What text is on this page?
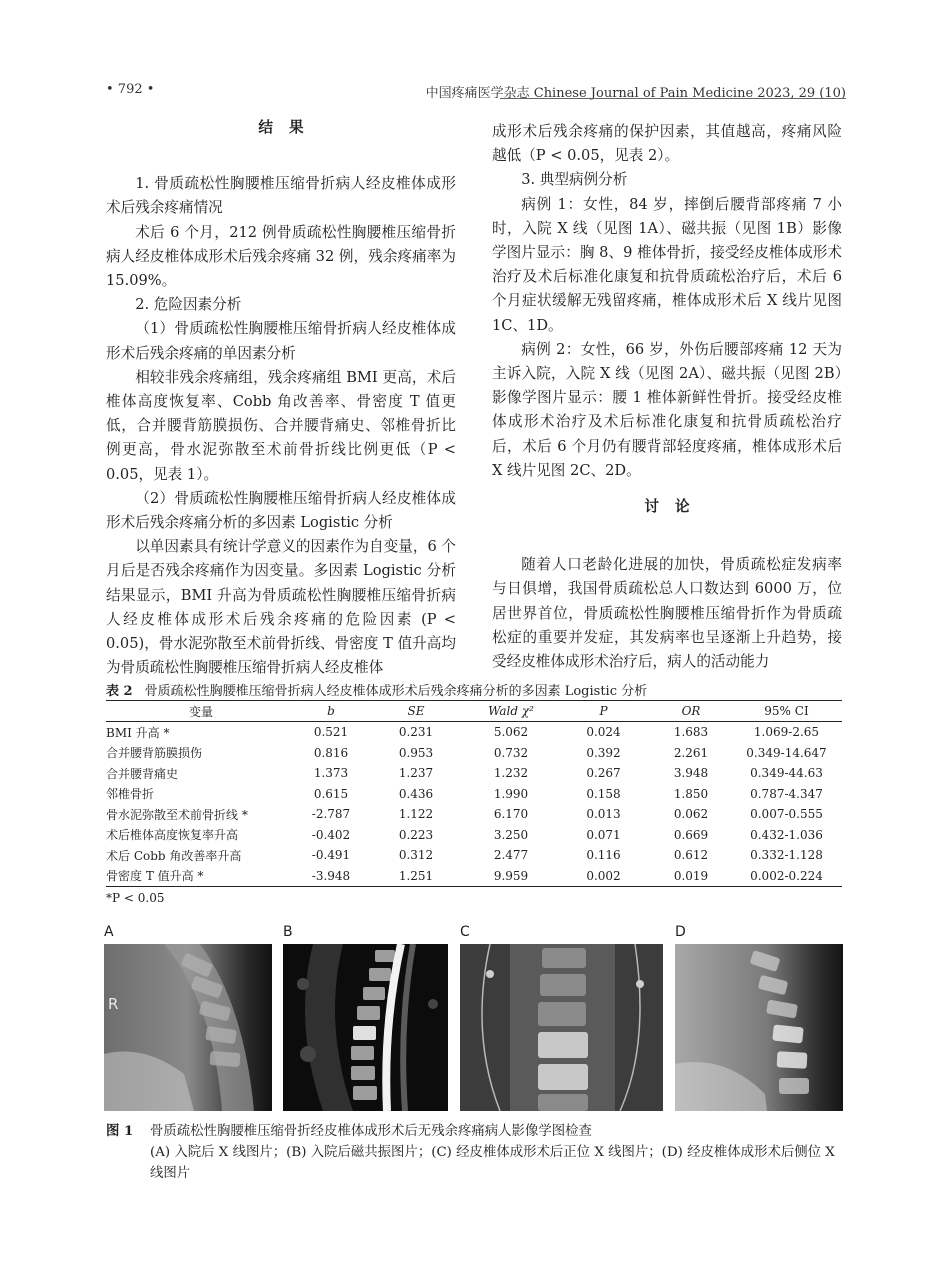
• 792 •	中国疼痛医学杂志 Chinese Journal of Pain Medicine 2023, 29 (10)

结果

1. 骨质疏松性胸腰椎压缩骨折病人经皮椎体成形术后残余疼痛情况

术后 6 个月，212 例骨质疏松性胸腰椎压缩骨折病人经皮椎体成形术后残余疼痛 32 例，残余疼痛率为 15.09%。

2. 危险因素分析

（1）骨质疏松性胸腰椎压缩骨折病人经皮椎体成形术后残余疼痛的单因素分析

相较非残余疼痛组，残余疼痛组 BMI 更高，术后椎体高度恢复率、Cobb 角改善率、骨密度 T 值更低，合并腰背筋膜损伤、合并腰背痛史、邻椎骨折比例更高，骨水泥弥散至术前骨折线比例更低（P < 0.05，见表 1）。

（2）骨质疏松性胸腰椎压缩骨折病人经皮椎体成形术后残余疼痛分析的多因素 Logistic 分析

以单因素具有统计学意义的因素作为自变量，6 个月后是否残余疼痛作为因变量。多因素 Logistic 分析结果显示，BMI 升高为骨质疏松性胸腰椎压缩骨折病人经皮椎体成形术后残余疼痛的危险因素 (P < 0.05)，骨水泥弥散至术前骨折线、骨密度 T 值升高均为骨质疏松性胸腰椎压缩骨折病人经皮椎体

成形术后残余疼痛的保护因素，其值越高，疼痛风险越低（P < 0.05，见表 2）。

3. 典型病例分析

病例 1：女性，84 岁，摔倒后腰背部疼痛 7 小时，入院 X 线（见图 1A）、磁共振（见图 1B）影像学图片显示：胸 8、9 椎体骨折，接受经皮椎体成形术治疗及术后标准化康复和抗骨质疏松治疗后，术后 6 个月症状缓解无残留疼痛，椎体成形术后 X 线片见图 1C、1D。

病例 2：女性，66 岁，外伤后腰部疼痛 12 天为主诉入院，入院 X 线（见图 2A）、磁共振（见图 2B）影像学图片显示：腰 1 椎体新鲜性骨折。接受经皮椎体成形术治疗及术后标准化康复和抗骨质疏松治疗后，术后 6 个月仍有腰背部轻度疼痛，椎体成形术后 X 线片见图 2C、2D。

讨论

随着人口老龄化进展的加快，骨质疏松症发病率与日俱增，我国骨质疏松总人口数达到 6000 万，位居世界首位，骨质疏松性胸腰椎压缩骨折作为骨质疏松症的重要并发症，其发病率也呈逐渐上升趋势，接受经皮椎体成形术治疗后，病人的活动能力

表 2 骨质疏松性胸腰椎压缩骨折病人经皮椎体成形术后残余疼痛分析的多因素 Logistic 分析
变量	b	SE	Wald χ²	P	OR	95% CI
BMI 升高 *	0.521	0.231	5.062	0.024	1.683	1.069-2.65
合并腰背筋膜损伤	0.816	0.953	0.732	0.392	2.261	0.349-14.647
合并腰背痛史	1.373	1.237	1.232	0.267	3.948	0.349-44.63
邻椎骨折	0.615	0.436	1.990	0.158	1.850	0.787-4.347
骨水泥弥散至术前骨折线 *	-2.787	1.122	6.170	0.013	0.062	0.007-0.555
术后椎体高度恢复率升高	-0.402	0.223	3.250	0.071	0.669	0.432-1.036
术后 Cobb 角改善率升高	-0.491	0.312	2.477	0.116	0.612	0.332-1.128
骨密度 T 值升高 *	-3.948	1.251	9.959	0.002	0.019	0.002-0.224
*P < 0.05
A	B	C	D
R
图 1 骨质疏松性胸腰椎压缩骨折经皮椎体成形术后无残余疼痛病人影像学图检查
(A) 入院后 X 线图片；(B) 入院后磁共振图片；(C) 经皮椎体成形术后正位 X 线图片；(D) 经皮椎体成形术后侧位 X 线图片
